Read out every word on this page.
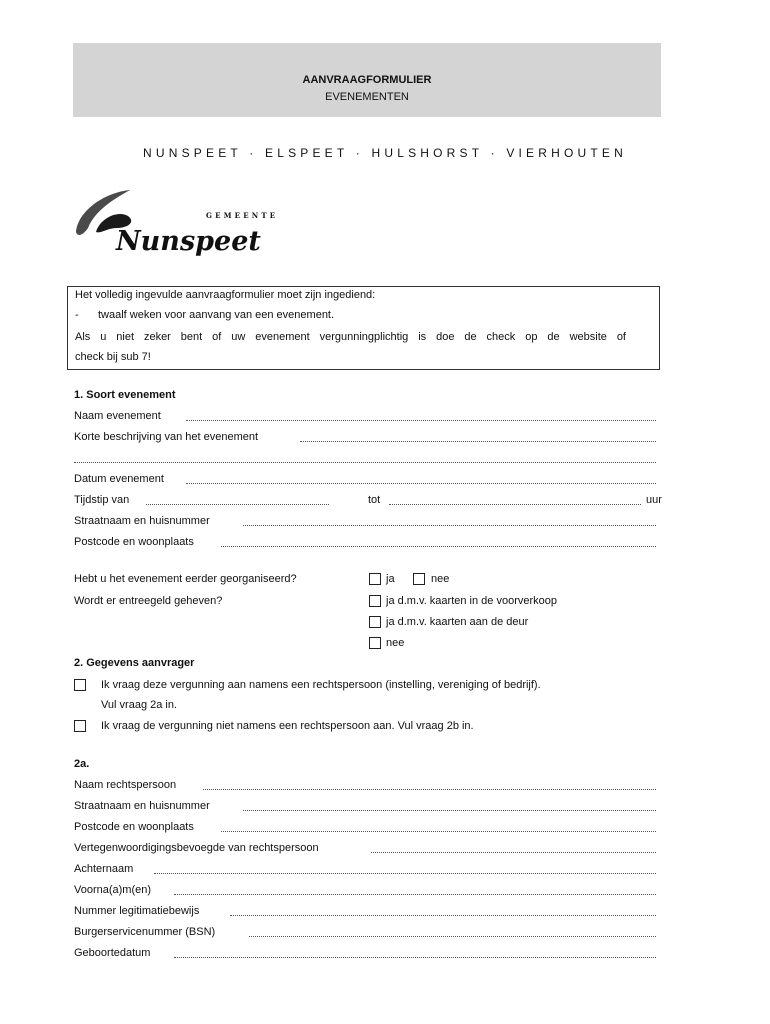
AANVRAAGFORMULIER
EVENEMENTEN
NUNSPEET · ELSPEET · HULSHORST · VIERHOUTEN
GEMEENTE
Nunspeet
Het volledig ingevulde aanvraagformulier moet zijn ingediend:
- twaalf weken voor aanvang van een evenement.
Als u niet zeker bent of uw evenement vergunningplichtig is doe de check op de website of
check bij sub 7!
1. Soort evenement
Naam evenement
Korte beschrijving van het evenement
Datum evenement
Tijdstip van	tot	uur
Straatnaam en huisnummer
Postcode en woonplaats
Hebt u het evenement eerder georganiseerd?	ja	nee
Wordt er entreegeld geheven?	ja d.m.v. kaarten in de voorverkoop
ja d.m.v. kaarten aan de deur
nee
2. Gegevens aanvrager
Ik vraag deze vergunning aan namens een rechtspersoon (instelling, vereniging of bedrijf).
Vul vraag 2a in.
Ik vraag de vergunning niet namens een rechtspersoon aan. Vul vraag 2b in.
2a.
Naam rechtspersoon
Straatnaam en huisnummer
Postcode en woonplaats
Vertegenwoordigingsbevoegde van rechtspersoon
Achternaam
Voorna(a)m(en)
Nummer legitimatiebewijs
Burgerservicenummer (BSN)
Geboortedatum
